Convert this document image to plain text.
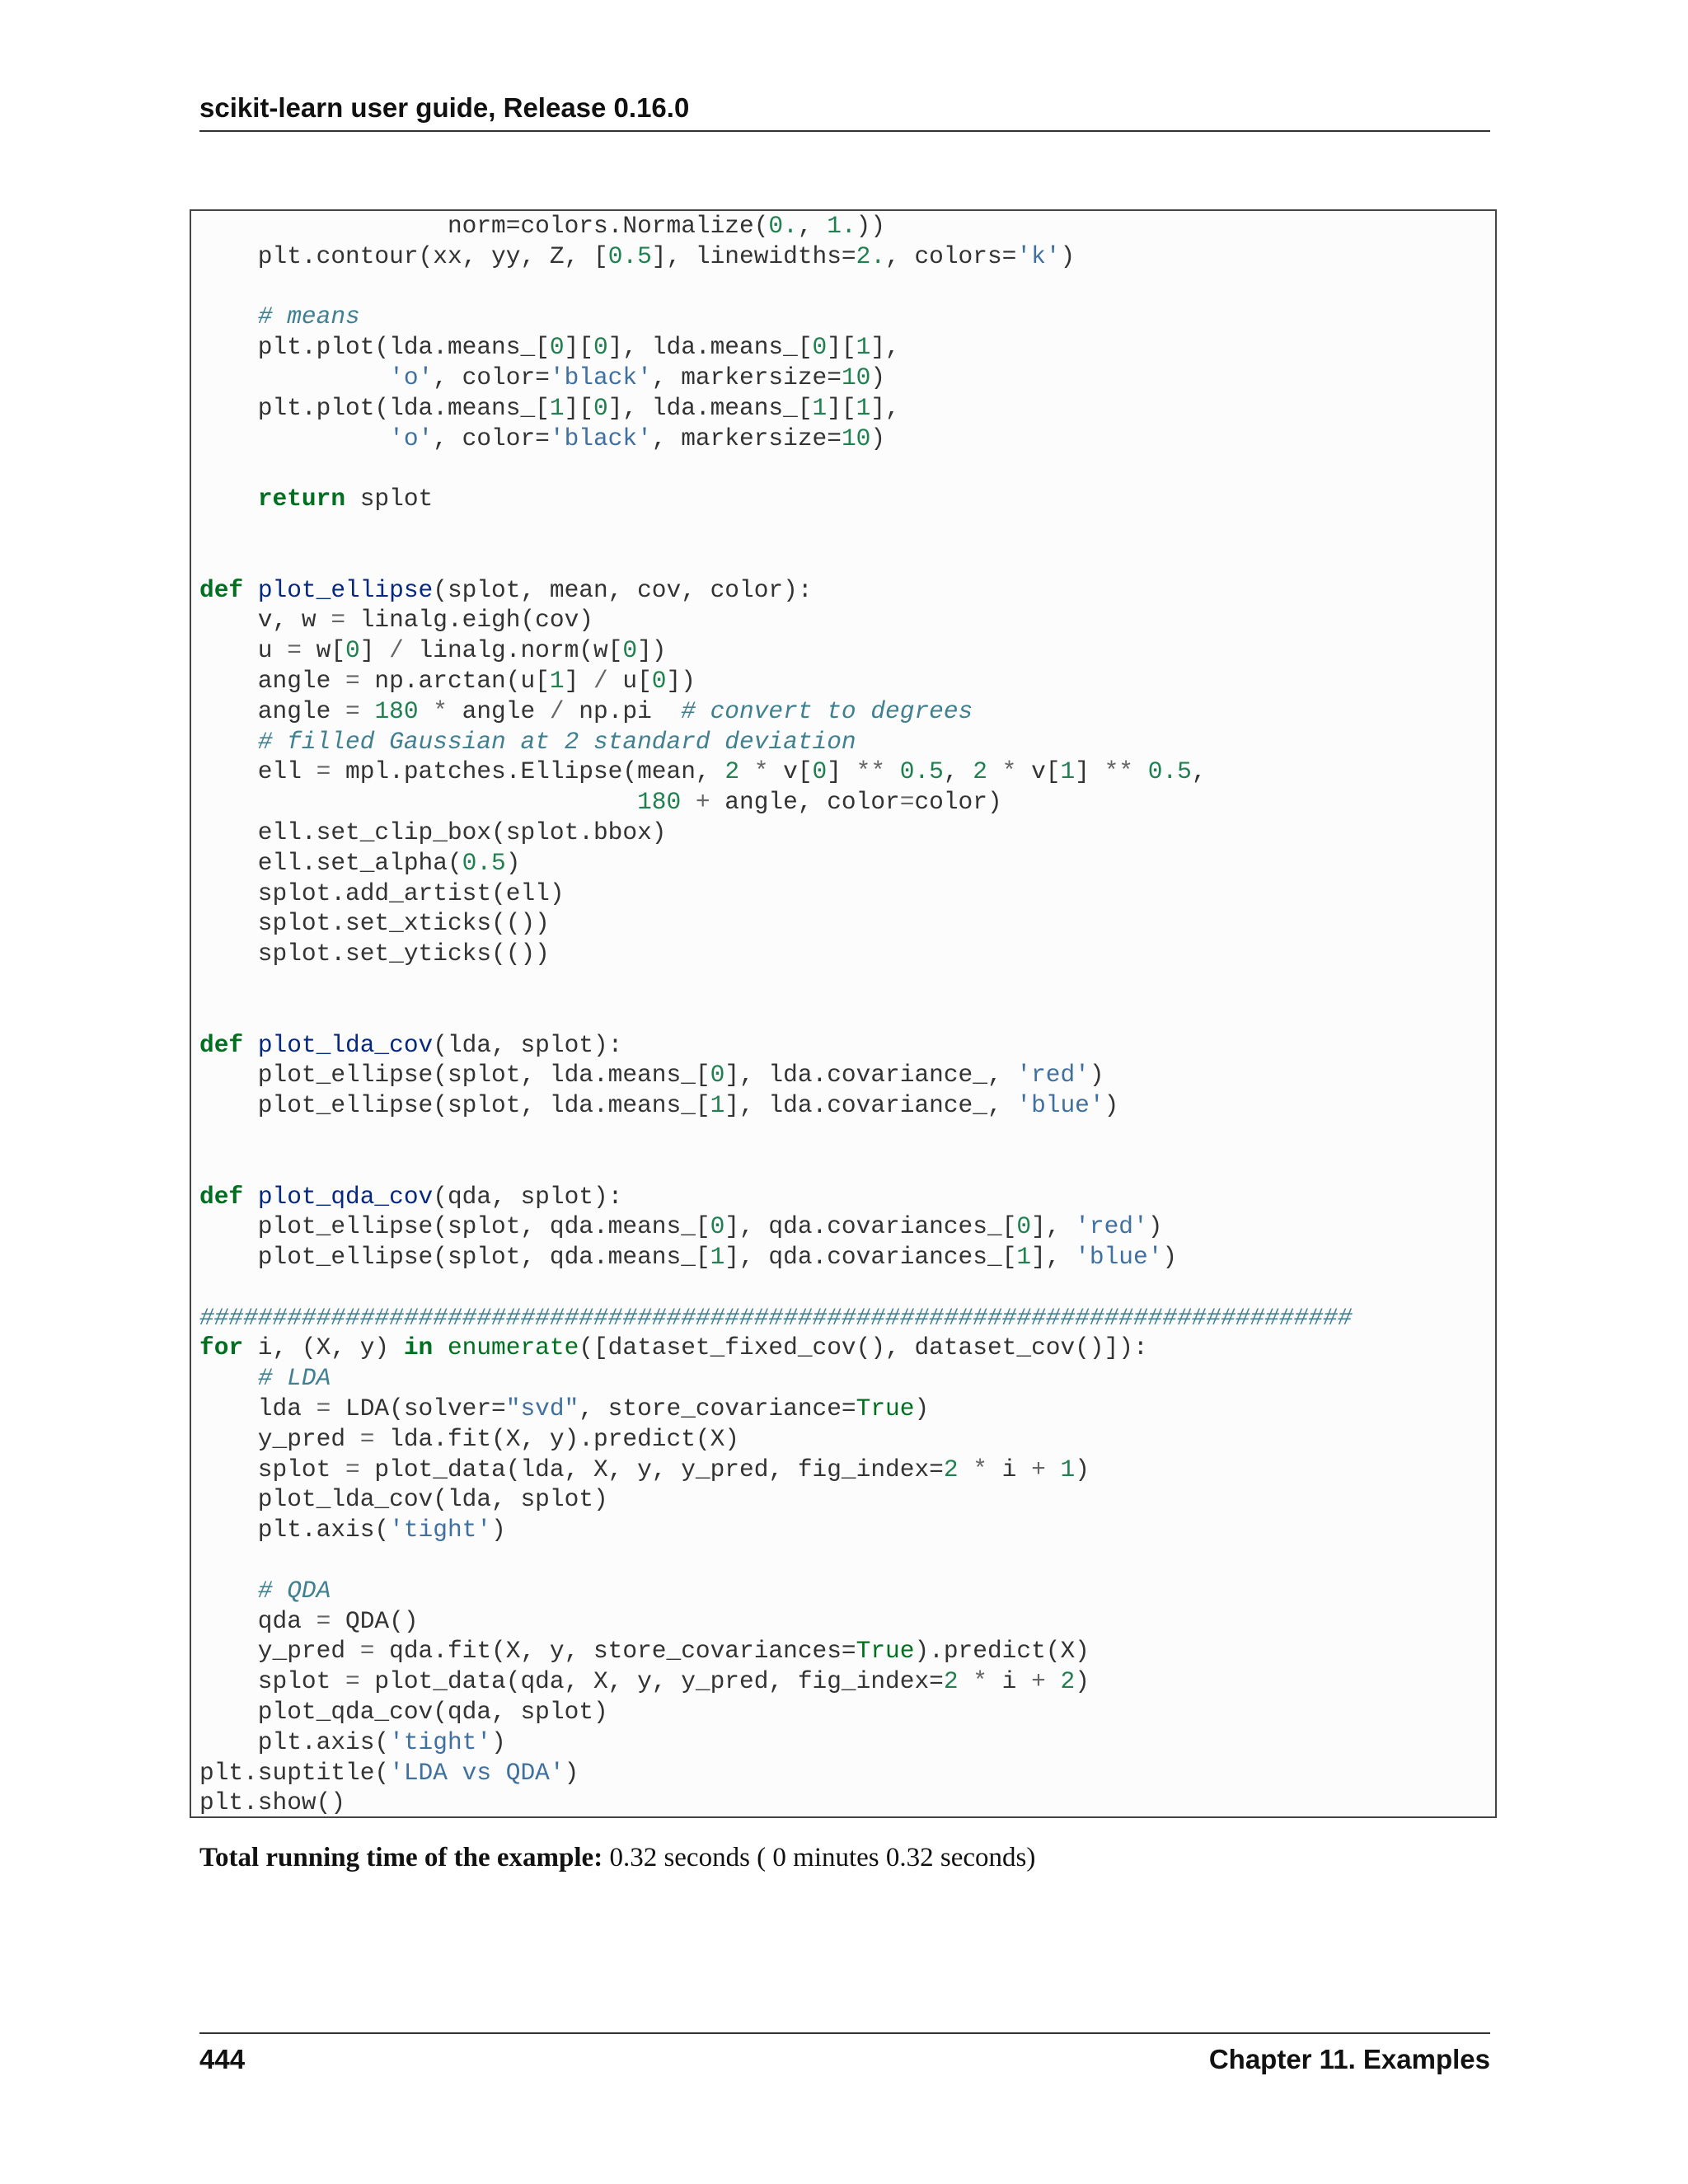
scikit-learn user guide, Release 0.16.0
norm=colors.Normalize(0., 1.))
plt.contour(xx, yy, Z, [0.5], linewidths=2., colors='k')
# means
plt.plot(lda.means_[0][0], lda.means_[0][1],
'o', color='black', markersize=10)
plt.plot(lda.means_[1][0], lda.means_[1][1],
'o', color='black', markersize=10)
return splot
def plot_ellipse(splot, mean, cov, color):
v, w = linalg.eigh(cov)
u = w[0] / linalg.norm(w[0])
angle = np.arctan(u[1] / u[0])
angle = 180 * angle / np.pi  # convert to degrees
# filled Gaussian at 2 standard deviation
ell = mpl.patches.Ellipse(mean, 2 * v[0] ** 0.5, 2 * v[1] ** 0.5,
180 + angle, color=color)
ell.set_clip_box(splot.bbox)
ell.set_alpha(0.5)
splot.add_artist(ell)
splot.set_xticks(())
splot.set_yticks(())
def plot_lda_cov(lda, splot):
plot_ellipse(splot, lda.means_[0], lda.covariance_, 'red')
plot_ellipse(splot, lda.means_[1], lda.covariance_, 'blue')
def plot_qda_cov(qda, splot):
plot_ellipse(splot, qda.means_[0], qda.covariances_[0], 'red')
plot_ellipse(splot, qda.means_[1], qda.covariances_[1], 'blue')
###############################################################################
for i, (X, y) in enumerate([dataset_fixed_cov(), dataset_cov()]):
# LDA
lda = LDA(solver="svd", store_covariance=True)
y_pred = lda.fit(X, y).predict(X)
splot = plot_data(lda, X, y, y_pred, fig_index=2 * i + 1)
plot_lda_cov(lda, splot)
plt.axis('tight')
# QDA
qda = QDA()
y_pred = qda.fit(X, y, store_covariances=True).predict(X)
splot = plot_data(qda, X, y, y_pred, fig_index=2 * i + 2)
plot_qda_cov(qda, splot)
plt.axis('tight')
plt.suptitle('LDA vs QDA')
plt.show()
Total running time of the example: 0.32 seconds ( 0 minutes 0.32 seconds)
444	Chapter 11. Examples
